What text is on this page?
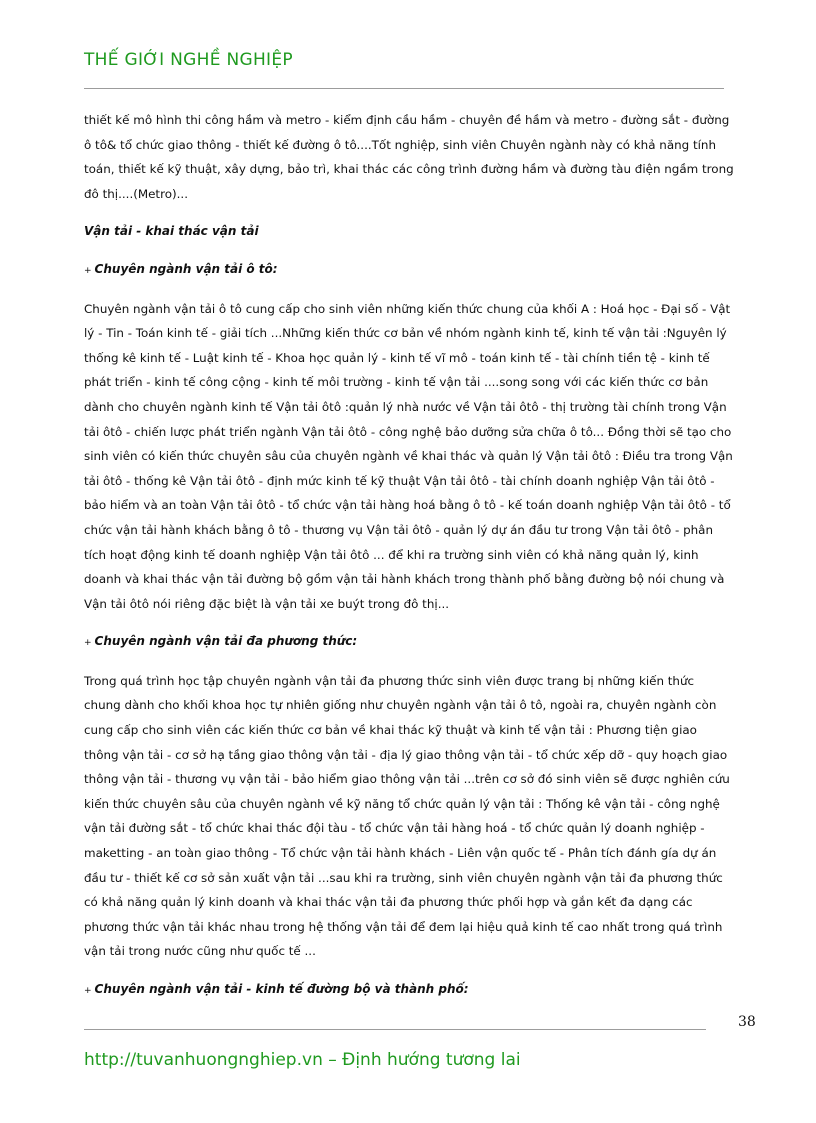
THẾ GIỚI NGHỀ NGHIỆP

thiết kế mô hình thi công hầm và metro - kiểm định cầu hầm - chuyên đề hầm và metro - đường sắt - đường ô tô& tổ chức giao thông - thiết kế đường ô tô....Tốt nghiệp, sinh viên Chuyên ngành này có khả năng tính toán, thiết kế kỹ thuật, xây dựng, bảo trì, khai thác các công trình đường hầm và đường tàu điện ngầm trong đô thị....(Metro)...

Vận tải - khai thác vận tải

+ Chuyên ngành vận tải ô tô:

Chuyên ngành vận tải ô tô cung cấp cho sinh viên những kiến thức chung của khối A : Hoá học - Đại số - Vật lý - Tin - Toán kinh tế - giải tích ...Những kiến thức cơ bản về nhóm ngành kinh tế, kinh tế vận tải :Nguyên lý thống kê kinh tế - Luật kinh tế - Khoa học quản lý - kinh tế vĩ mô - toán kinh tế - tài chính tiền tệ - kinh tế phát triển - kinh tế công cộng - kinh tế môi trường - kinh tế vận tải ....song song với các kiến thức cơ bản dành cho chuyên ngành kinh tế Vận tải ôtô :quản lý nhà nước về Vận tải ôtô - thị trường tài chính trong Vận tải ôtô - chiến lược phát triển ngành Vận tải ôtô - công nghệ bảo dưỡng sửa chữa ô tô... Đồng thời sẽ tạo cho sinh viên có kiến thức chuyên sâu của chuyên ngành về khai thác và quản lý Vận tải ôtô : Điều tra trong Vận tải ôtô - thống kê Vận tải ôtô - định mức kinh tế kỹ thuật Vận tải ôtô - tài chính doanh nghiệp Vận tải ôtô - bảo hiểm và an toàn Vận tải ôtô - tổ chức vận tải hàng hoá bằng ô tô - kế toán doanh nghiệp Vận tải ôtô - tổ chức vận tải hành khách bằng ô tô - thương vụ Vận tải ôtô - quản lý dự án đầu tư trong Vận tải ôtô - phân tích hoạt động kinh tế doanh nghiệp Vận tải ôtô ... để khi ra trường sinh viên có khả năng quản lý, kinh doanh và khai thác vận tải đường bộ gồm vận tải hành khách trong thành phố bằng đường bộ nói chung và Vận tải ôtô nói riêng đặc biệt là vận tải xe buýt trong đô thị...

+ Chuyên ngành vận tải đa phương thức:

Trong quá trình học tập chuyên ngành vận tải đa phương thức sinh viên được trang bị những kiến thức chung dành cho khối khoa học tự nhiên giống như chuyên ngành vận tải ô tô, ngoài ra, chuyên ngành còn cung cấp cho sinh viên các kiến thức cơ bản về khai thác kỹ thuật và kinh tế vận tải : Phương tiện giao thông vận tải - cơ sở hạ tầng giao thông vận tải - địa lý giao thông vận tải - tổ chức xếp dỡ - quy hoạch giao thông vận tải - thương vụ vận tải - bảo hiểm giao thông vận tải ...trên cơ sở đó sinh viên sẽ được nghiên cứu kiến thức chuyên sâu của chuyên ngành về kỹ năng tổ chức quản lý vận tải : Thống kê vận tải - công nghệ vận tải đường sắt - tổ chức khai thác đội tàu - tổ chức vận tải hàng hoá - tổ chức quản lý doanh nghiệp - maketting - an toàn giao thông - Tổ chức vận tải hành khách - Liên vận quốc tế - Phân tích đánh gía dự án đầu tư - thiết kế cơ sở sản xuất vận tải ...sau khi ra trường, sinh viên chuyên ngành vận tải đa phương thức có khả năng quản lý kinh doanh và khai thác vận tải đa phương thức phối hợp và gắn kết đa dạng các phương thức vận tải khác nhau trong hệ thống vận tải để đem lại hiệu quả kinh tế cao nhất trong quá trình vận tải trong nước cũng như quốc tế ...

+ Chuyên ngành vận tải - kinh tế đường bộ và thành phố:

38
http://tuvanhuongnghiep.vn – Định hướng tương lai
